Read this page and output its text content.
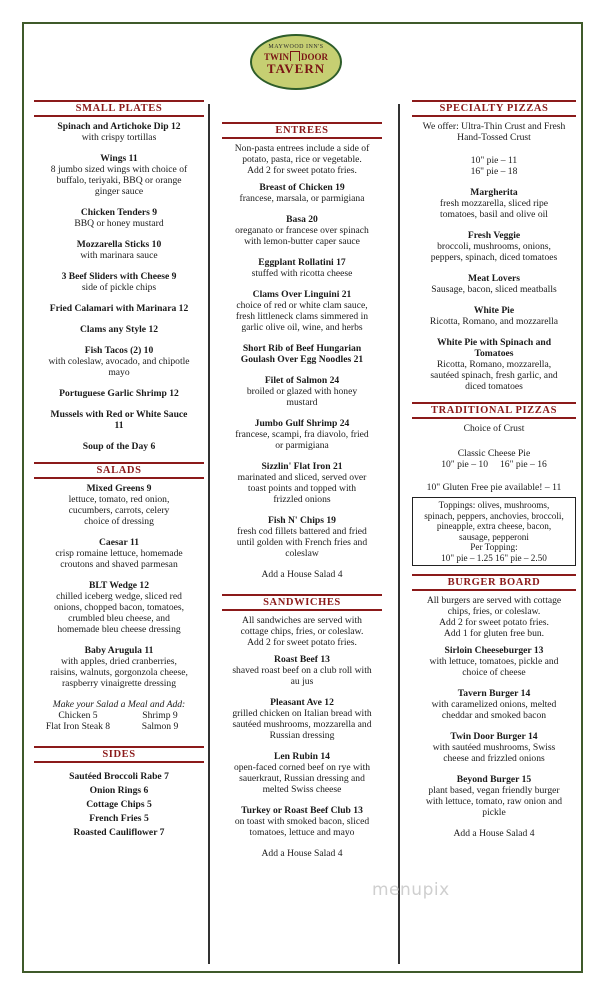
MAYWOOD INN'S
TWIN DOOR
TAVERN
SMALL PLATES
Spinach and Artichoke Dip 12
with crispy tortillas
Wings 11
8 jumbo sized wings with choice of
buffalo, teriyaki, BBQ or orange
ginger sauce
Chicken Tenders 9
BBQ or honey mustard
Mozzarella Sticks 10
with marinara sauce
3 Beef Sliders with Cheese 9
side of pickle chips
Fried Calamari with Marinara 12
Clams any Style 12
Fish Tacos (2) 10
with coleslaw, avocado, and chipotle
mayo
Portuguese Garlic Shrimp 12
Mussels with Red or White Sauce
11
Soup of the Day 6
SALADS
Mixed Greens 9
lettuce, tomato, red onion,
cucumbers, carrots, celery
choice of dressing
Caesar 11
crisp romaine lettuce, homemade
croutons and shaved parmesan
BLT Wedge 12
chilled iceberg wedge, sliced red
onions, chopped bacon, tomatoes,
crumbled bleu cheese, and
homemade bleu cheese dressing
Baby Arugula 11
with apples, dried cranberries,
raisins, walnuts, gorgonzola cheese,
raspberry vinaigrette dressing
Make your Salad a Meal and Add:
Chicken 5	Shrimp 9
Flat Iron Steak 8	Salmon 9
SIDES
Sautéed Broccoli Rabe 7
Onion Rings 6
Cottage Chips 5
French Fries 5
Roasted Cauliflower 7
ENTREES
Non-pasta entrees include a side of
potato, pasta, rice or vegetable.
Add 2 for sweet potato fries.
Breast of Chicken 19
francese, marsala, or parmigiana
Basa 20
oreganato or francese over spinach
with lemon-butter caper sauce
Eggplant Rollatini 17
stuffed with ricotta cheese
Clams Over Linguini 21
choice of red or white clam sauce,
fresh littleneck clams simmered in
garlic olive oil, wine, and herbs
Short Rib of Beef Hungarian
Goulash Over Egg Noodles 21
Filet of Salmon 24
broiled or glazed with honey
mustard
Jumbo Gulf Shrimp 24
francese, scampi, fra diavolo, fried
or parmigiana
Sizzlin' Flat Iron 21
marinated and sliced, served over
toast points and topped with
frizzled onions
Fish N' Chips 19
fresh cod fillets battered and fried
until golden with French fries and
coleslaw
Add a House Salad 4
SANDWICHES
All sandwiches are served with
cottage chips, fries, or coleslaw.
Add 2 for sweet potato fries.
Roast Beef 13
shaved roast beef on a club roll with
au jus
Pleasant Ave 12
grilled chicken on Italian bread with
sautéed mushrooms, mozzarella and
Russian dressing
Len Rubin 14
open-faced corned beef on rye with
sauerkraut, Russian dressing and
melted Swiss cheese
Turkey or Roast Beef Club 13
on toast with smoked bacon, sliced
tomatoes, lettuce and mayo
Add a House Salad 4
SPECIALTY PIZZAS
We offer: Ultra-Thin Crust and Fresh
Hand-Tossed Crust
10" pie – 11
16" pie – 18
Margherita
fresh mozzarella, sliced ripe
tomatoes, basil and olive oil
Fresh Veggie
broccoli, mushrooms, onions,
peppers, spinach, diced tomatoes
Meat Lovers
Sausage, bacon, sliced meatballs
White Pie
Ricotta, Romano, and mozzarella
White Pie with Spinach and
Tomatoes
Ricotta, Romano, mozzarella,
sautéed spinach, fresh garlic, and
diced tomatoes
TRADITIONAL PIZZAS
Choice of Crust
Classic Cheese Pie
10" pie – 10     16" pie – 16
10" Gluten Free pie available! – 11
Toppings: olives, mushrooms,
spinach, peppers, anchovies, broccoli,
pineapple, extra cheese, bacon,
sausage, pepperoni
Per Topping:
10" pie – 1.25 16" pie – 2.50
BURGER BOARD
All burgers are served with cottage
chips, fries, or coleslaw.
Add 2 for sweet potato fries.
Add 1 for gluten free bun.
Sirloin Cheeseburger 13
with lettuce, tomatoes, pickle and
choice of cheese
Tavern Burger 14
with caramelized onions, melted
cheddar and smoked bacon
Twin Door Burger 14
with sautéed mushrooms, Swiss
cheese and frizzled onions
Beyond Burger 15
plant based, vegan friendly burger
with lettuce, tomato, raw onion and
pickle
Add a House Salad 4
menupix
